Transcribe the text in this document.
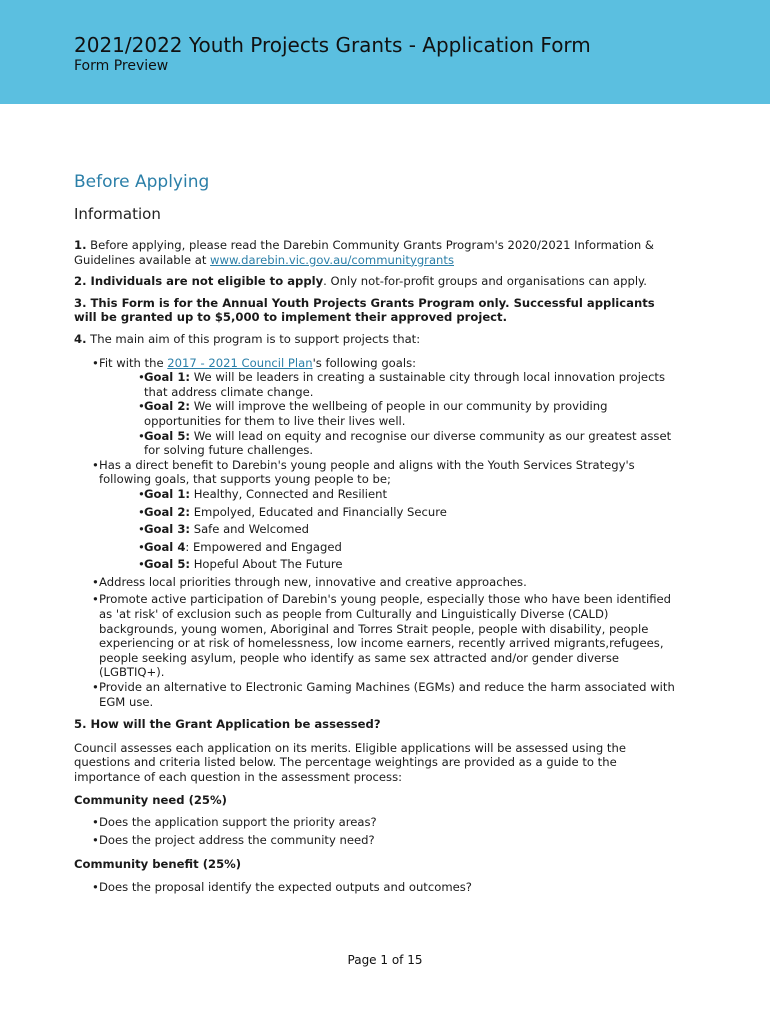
2021/2022 Youth Projects Grants - Application Form
Form Preview
Before Applying
Information

1. Before applying, please read the Darebin Community Grants Program's 2020/2021 Information & Guidelines available at www.darebin.vic.gov.au/communitygrants

2. Individuals are not eligible to apply. Only not-for-profit groups and organisations can apply.

3. This Form is for the Annual Youth Projects Grants Program only. Successful applicants will be granted up to $5,000 to implement their approved project.

4. The main aim of this program is to support projects that:

• Fit with the 2017 - 2021 Council Plan's following goals:
• Goal 1: We will be leaders in creating a sustainable city through local innovation projects that address climate change.
• Goal 2: We will improve the wellbeing of people in our community by providing opportunities for them to live their lives well.
• Goal 5: We will lead on equity and recognise our diverse community as our greatest asset for solving future challenges.
• Has a direct benefit to Darebin's young people and aligns with the Youth Services Strategy's following goals, that supports young people to be;
• Goal 1: Healthy, Connected and Resilient
• Goal 2: Empolyed, Educated and Financially Secure
• Goal 3: Safe and Welcomed
• Goal 4: Empowered and Engaged
• Goal 5: Hopeful About The Future
• Address local priorities through new, innovative and creative approaches.
• Promote active participation of Darebin's young people, especially those who have been identified as 'at risk' of exclusion such as people from Culturally and Linguistically Diverse (CALD) backgrounds, young women, Aboriginal and Torres Strait people, people with disability, people experiencing or at risk of homelessness, low income earners, recently arrived migrants,refugees, people seeking asylum, people who identify as same sex attracted and/or gender diverse (LGBTIQ+).
• Provide an alternative to Electronic Gaming Machines (EGMs) and reduce the harm associated with EGM use.

5. How will the Grant Application be assessed?

Council assesses each application on its merits. Eligible applications will be assessed using the questions and criteria listed below. The percentage weightings are provided as a guide to the importance of each question in the assessment process:

Community need (25%)
• Does the application support the priority areas?
• Does the project address the community need?
Community benefit (25%)
• Does the proposal identify the expected outputs and outcomes?
Page 1 of 15
